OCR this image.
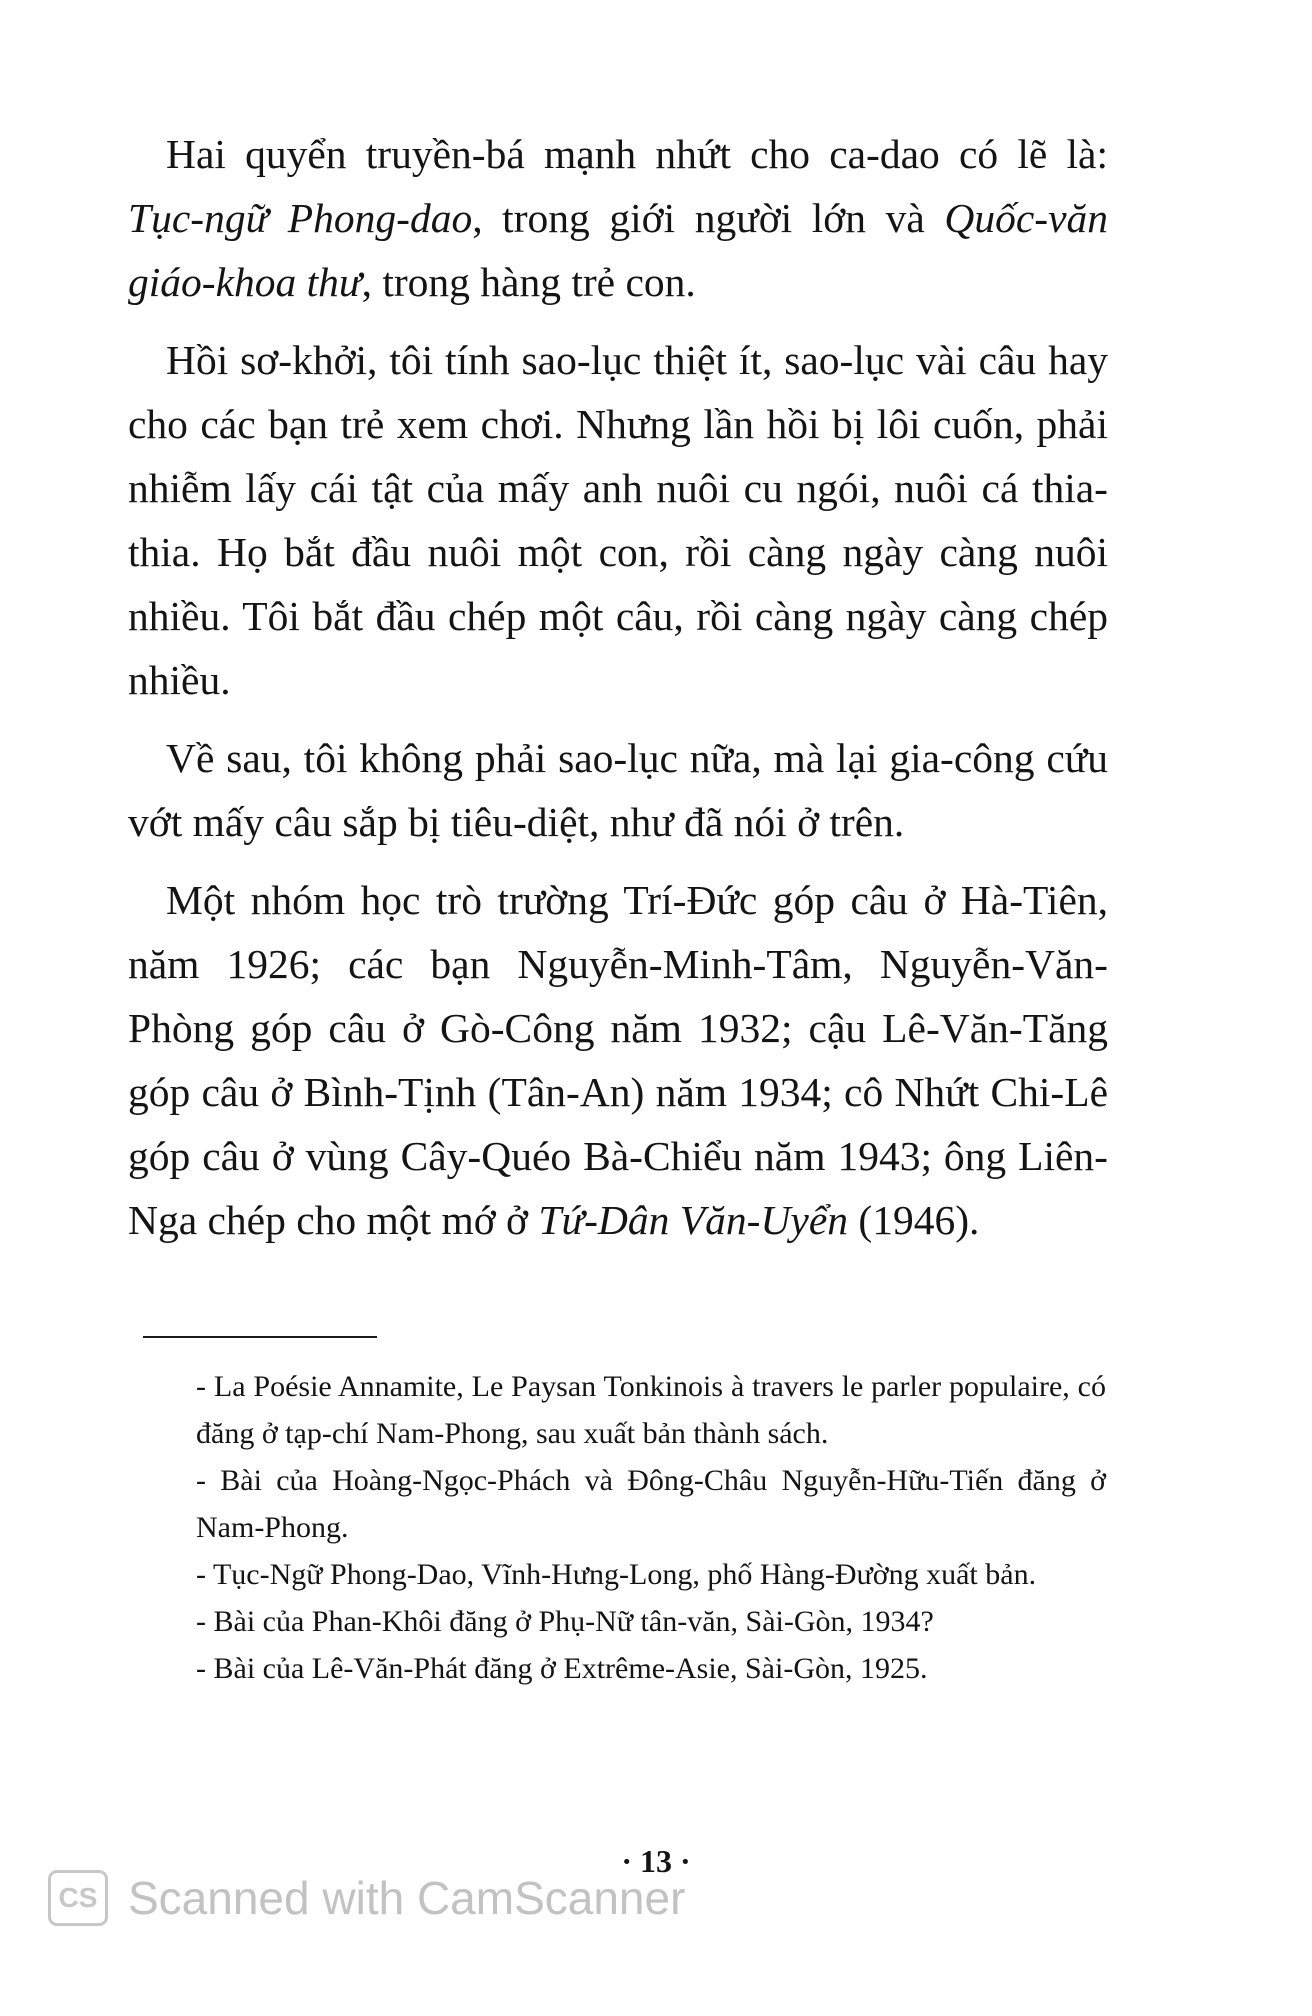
Hai quyển truyền-bá mạnh nhứt cho ca-dao có lẽ là: Tục-ngữ Phong-dao, trong giới người lớn và Quốc-văn giáo-khoa thư, trong hàng trẻ con.

Hồi sơ-khởi, tôi tính sao-lục thiệt ít, sao-lục vài câu hay cho các bạn trẻ xem chơi. Nhưng lần hồi bị lôi cuốn, phải nhiễm lấy cái tật của mấy anh nuôi cu ngói, nuôi cá thia-thia. Họ bắt đầu nuôi một con, rồi càng ngày càng nuôi nhiều. Tôi bắt đầu chép một câu, rồi càng ngày càng chép nhiều.

Về sau, tôi không phải sao-lục nữa, mà lại gia-công cứu vớt mấy câu sắp bị tiêu-diệt, như đã nói ở trên.

Một nhóm học trò trường Trí-Đức góp câu ở Hà-Tiên, năm 1926; các bạn Nguyễn-Minh-Tâm, Nguyễn-Văn-Phòng góp câu ở Gò-Công năm 1932; cậu Lê-Văn-Tăng góp câu ở Bình-Tịnh (Tân-An) năm 1934; cô Nhứt Chi-Lê góp câu ở vùng Cây-Quéo Bà-Chiểu năm 1943; ông Liên-Nga chép cho một mớ ở Tứ-Dân Văn-Uyển (1946).

- La Poésie Annamite, Le Paysan Tonkinois à travers le parler populaire, có đăng ở tạp-chí Nam-Phong, sau xuất bản thành sách.

- Bài của Hoàng-Ngọc-Phách và Đông-Châu Nguyễn-Hữu-Tiến đăng ở Nam-Phong.

- Tục-Ngữ Phong-Dao, Vĩnh-Hưng-Long, phố Hàng-Đường xuất bản.

- Bài của Phan-Khôi đăng ở Phụ-Nữ tân-văn, Sài-Gòn, 1934?

- Bài của Lê-Văn-Phát đăng ở Extrême-Asie, Sài-Gòn, 1925.

· 13 ·
CS Scanned with CamScanner
